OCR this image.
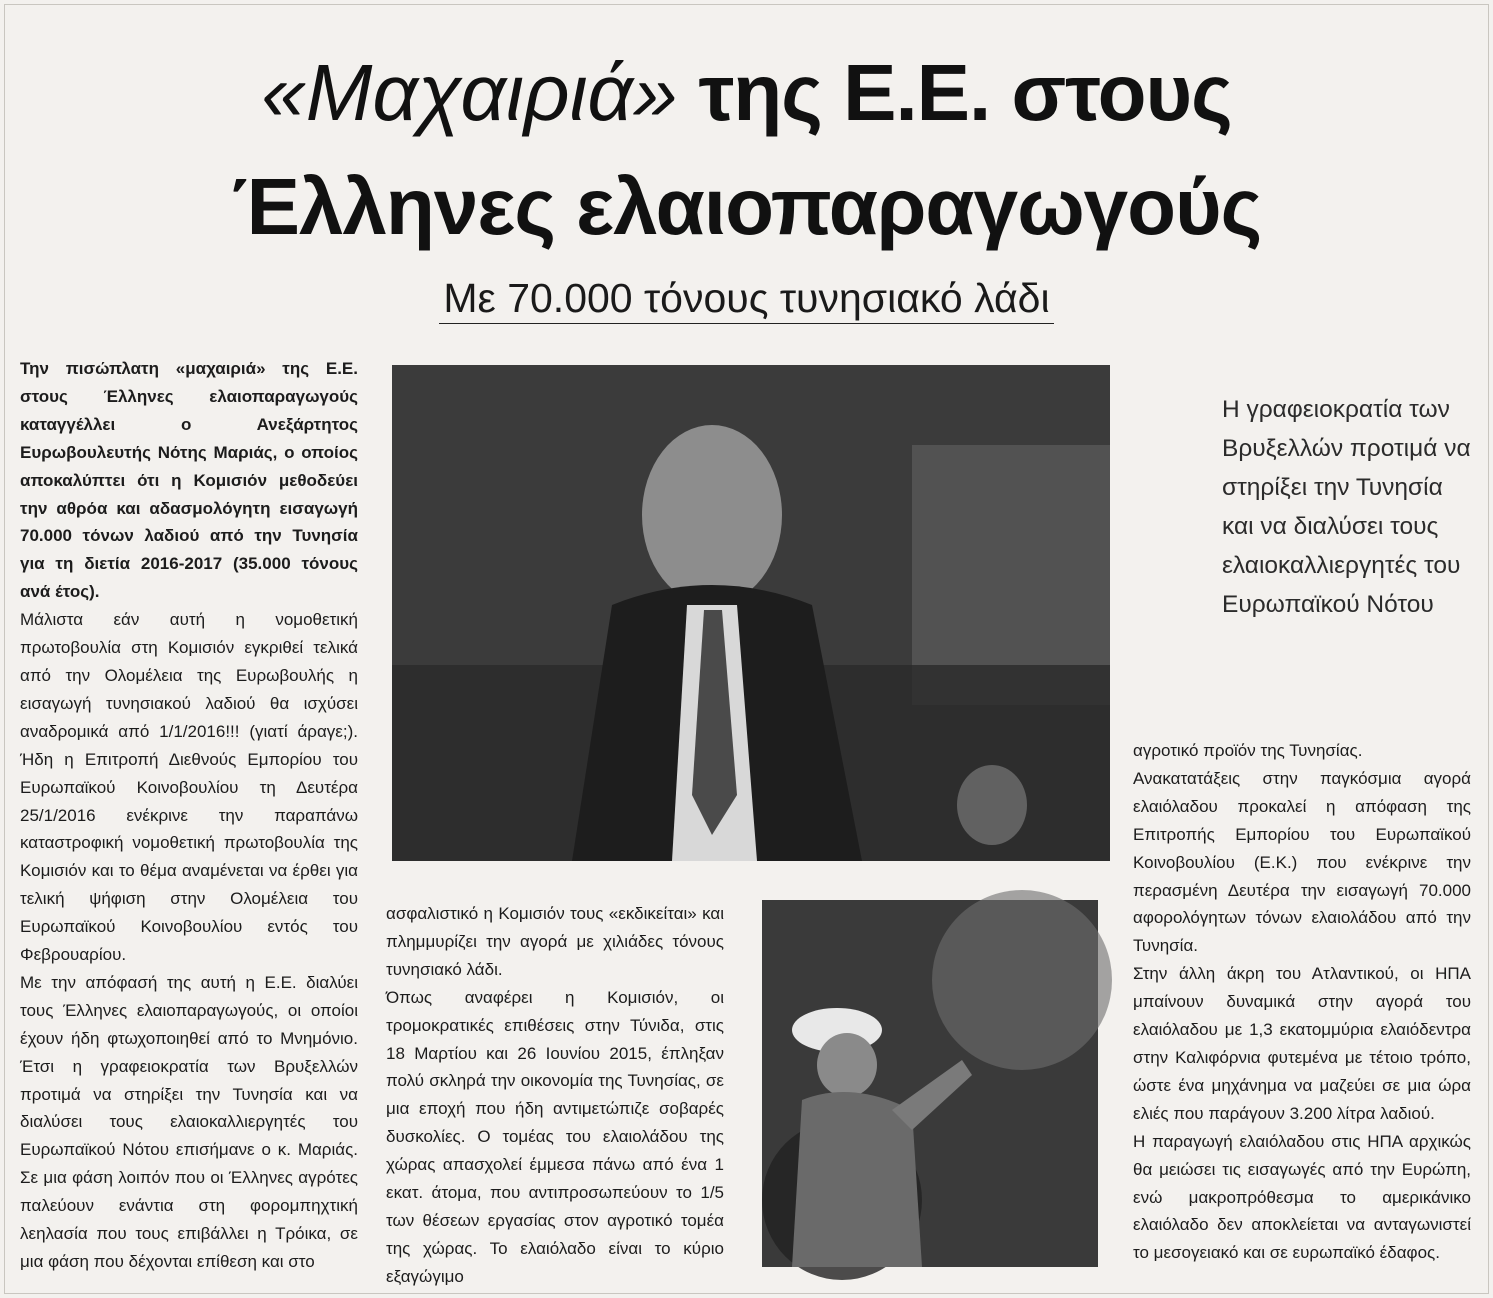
«Μαχαιριά» της Ε.Ε. στους
Έλληνες ελαιοπαραγωγούς
Με 70.000 τόνους τυνησιακό λάδι

Την πισώπλατη «μαχαιριά» της Ε.Ε. στους Έλληνες ελαιοπαραγωγούς καταγγέλλει ο Ανεξάρτητος Ευρωβουλευτής Νότης Μαριάς, ο οποίος αποκαλύπτει ότι η Κομισιόν μεθοδεύει την αθρόα και αδασμολόγητη εισαγωγή 70.000 τόνων λαδιού από την Τυνησία για τη διετία 2016-2017 (35.000 τόνους ανά έτος).

Μάλιστα εάν αυτή η νομοθετική πρωτοβουλία στη Κομισιόν εγκριθεί τελικά από την Ολομέλεια της Ευρωβουλής η εισαγωγή τυνησιακού λαδιού θα ισχύσει αναδρομικά από 1/1/2016!!! (γιατί άραγε;). Ήδη η Επιτροπή Διεθνούς Εμπορίου του Ευρωπαϊκού Κοινοβουλίου τη Δευτέρα 25/1/2016 ενέκρινε την παραπάνω καταστροφική νομοθετική πρωτοβουλία της Κομισιόν και το θέμα αναμένεται να έρθει για τελική ψήφιση στην Ολομέλεια του Ευρωπαϊκού Κοινοβουλίου εντός του Φεβρουαρίου.

Με την απόφασή της αυτή η Ε.Ε. διαλύει τους Έλληνες ελαιοπαραγωγούς, οι οποίοι έχουν ήδη φτωχοποιηθεί από το Μνημόνιο. Έτσι η γραφειοκρατία των Βρυξελλών προτιμά να στηρίξει την Τυνησία και να διαλύσει τους ελαιοκαλλιεργητές του Ευρωπαϊκού Νότου επισήμανε ο κ. Μαριάς. Σε μια φάση λοιπόν που οι Έλληνες αγρότες παλεύουν ενάντια στη φορομπηχτική λεηλασία που τους επιβάλλει η Τρόικα, σε μια φάση που δέχονται επίθεση και στο

Η γραφειοκρατία των Βρυξελλών προτιμά να στηρίξει την Τυνησία και να διαλύσει τους ελαιοκαλλιεργητές του Ευρωπαϊκού Νότου

ασφαλιστικό η Κομισιόν τους «εκδικείται» και πλημμυρίζει την αγορά με χιλιάδες τόνους τυνησιακό λάδι.

Όπως αναφέρει η Κομισιόν, οι τρομοκρατικές επιθέσεις στην Τύνιδα, στις 18 Μαρτίου και 26 Ιουνίου 2015, έπληξαν πολύ σκληρά την οικονομία της Τυνησίας, σε μια εποχή που ήδη αντιμετώπιζε σοβαρές δυσκολίες. Ο τομέας του ελαιολάδου της χώρας απασχολεί έμμεσα πάνω από ένα 1 εκατ. άτομα, που αντιπροσωπεύουν το 1/5 των θέσεων εργασίας στον αγροτικό τομέα της χώρας. Το ελαιόλαδο είναι το κύριο εξαγώγιμο

αγροτικό προϊόν της Τυνησίας.

Ανακατατάξεις στην παγκόσμια αγορά ελαιόλαδου προκαλεί η απόφαση της Επιτροπής Εμπορίου του Ευρωπαϊκού Κοινοβουλίου (Ε.Κ.) που ενέκρινε την περασμένη Δευτέρα την εισαγωγή 70.000 αφορολόγητων τόνων ελαιολάδου από την Τυνησία.

Στην άλλη άκρη του Ατλαντικού, οι ΗΠΑ μπαίνουν δυναμικά στην αγορά του ελαιόλαδου με 1,3 εκατομμύρια ελαιόδεντρα στην Καλιφόρνια φυτεμένα με τέτοιο τρόπο, ώστε ένα μηχάνημα να μαζεύει σε μια ώρα ελιές που παράγουν 3.200 λίτρα λαδιού.

Η παραγωγή ελαιόλαδου στις ΗΠΑ αρχικώς θα μειώσει τις εισαγωγές από την Ευρώπη, ενώ μακροπρόθεσμα το αμερικάνικο ελαιόλαδο δεν αποκλείεται να ανταγωνιστεί το μεσογειακό και σε ευρωπαϊκό έδαφος.
